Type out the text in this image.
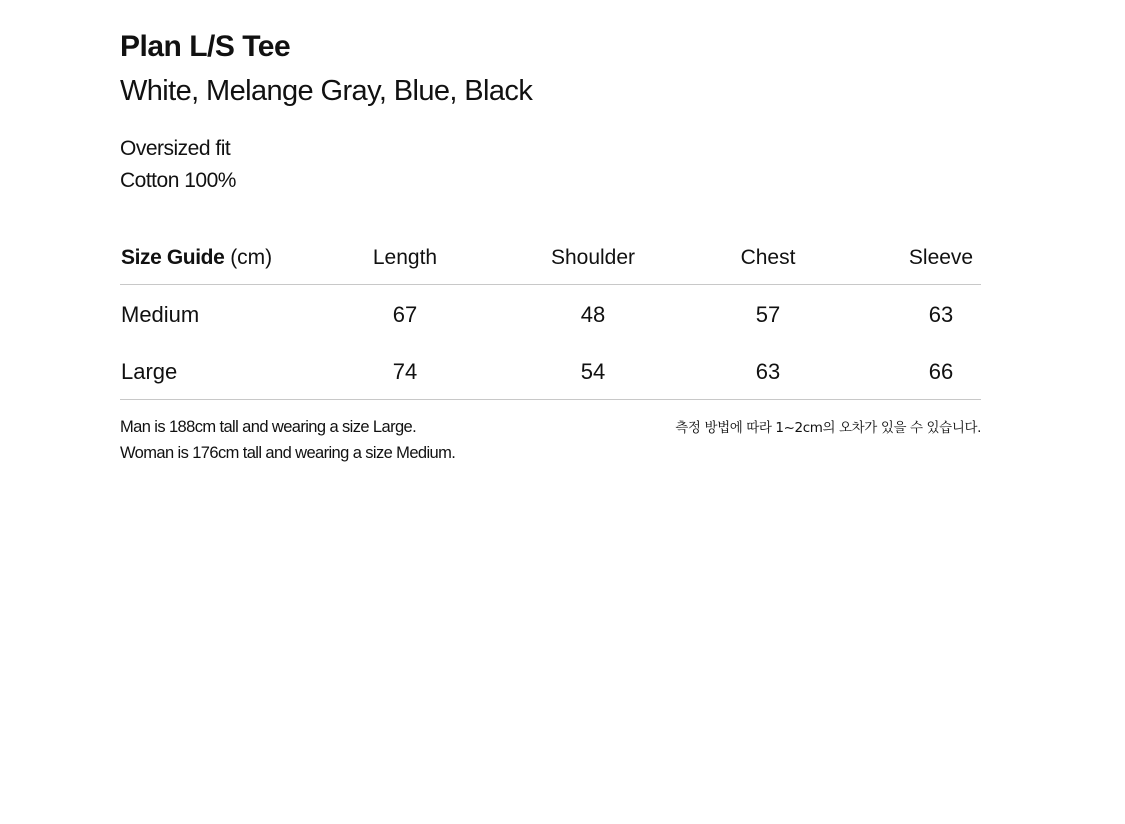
Plan L/S Tee
White, Melange Gray, Blue, Black
Oversized fit
Cotton 100%
Size Guide (cm)	Length	Shoulder	Chest	Sleeve
Medium	67	48	57	63
Large	74	54	63	66
Man is 188cm tall and wearing a size Large.
Woman is 176cm tall and wearing a size Medium.
측정 방법에 따라 1~2cm의 오차가 있을 수 있습니다.
